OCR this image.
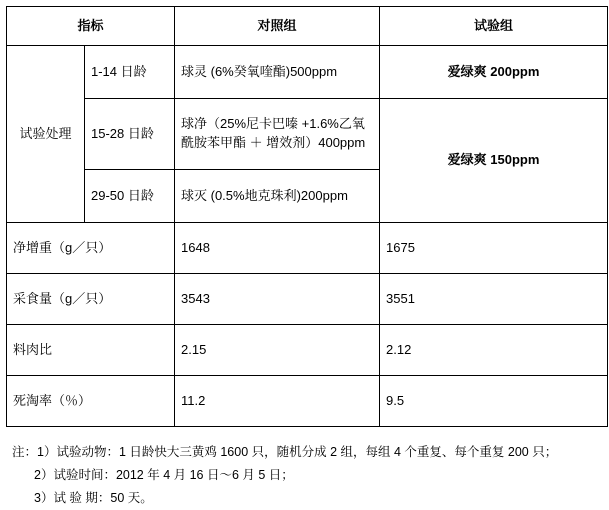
指标		对照组	试验组
试验处理	1-14 日龄	球灵 (6%癸氧喹酯)500ppm	爱绿爽 200ppm
	15-28 日龄	球净（25%尼卡巴嗪 +1.6%乙氧酰胺苯甲酯 ＋ 增效剂）400ppm	爱绿爽 150ppm
	29-50 日龄	球灭 (0.5%地克珠利)200ppm	
净增重（g／只）		1648	1675
采食量（g／只）		3543	3551
料肉比		2.15	2.12
死淘率（％）		11.2	9.5
注：1）试验动物：1 日龄快大三黄鸡 1600 只，随机分成 2 组，每组 4 个重复、每个重复 200 只；
2）试验时间：2012 年 4 月 16 日～6 月 5 日；
3）试 验 期：50 天。
